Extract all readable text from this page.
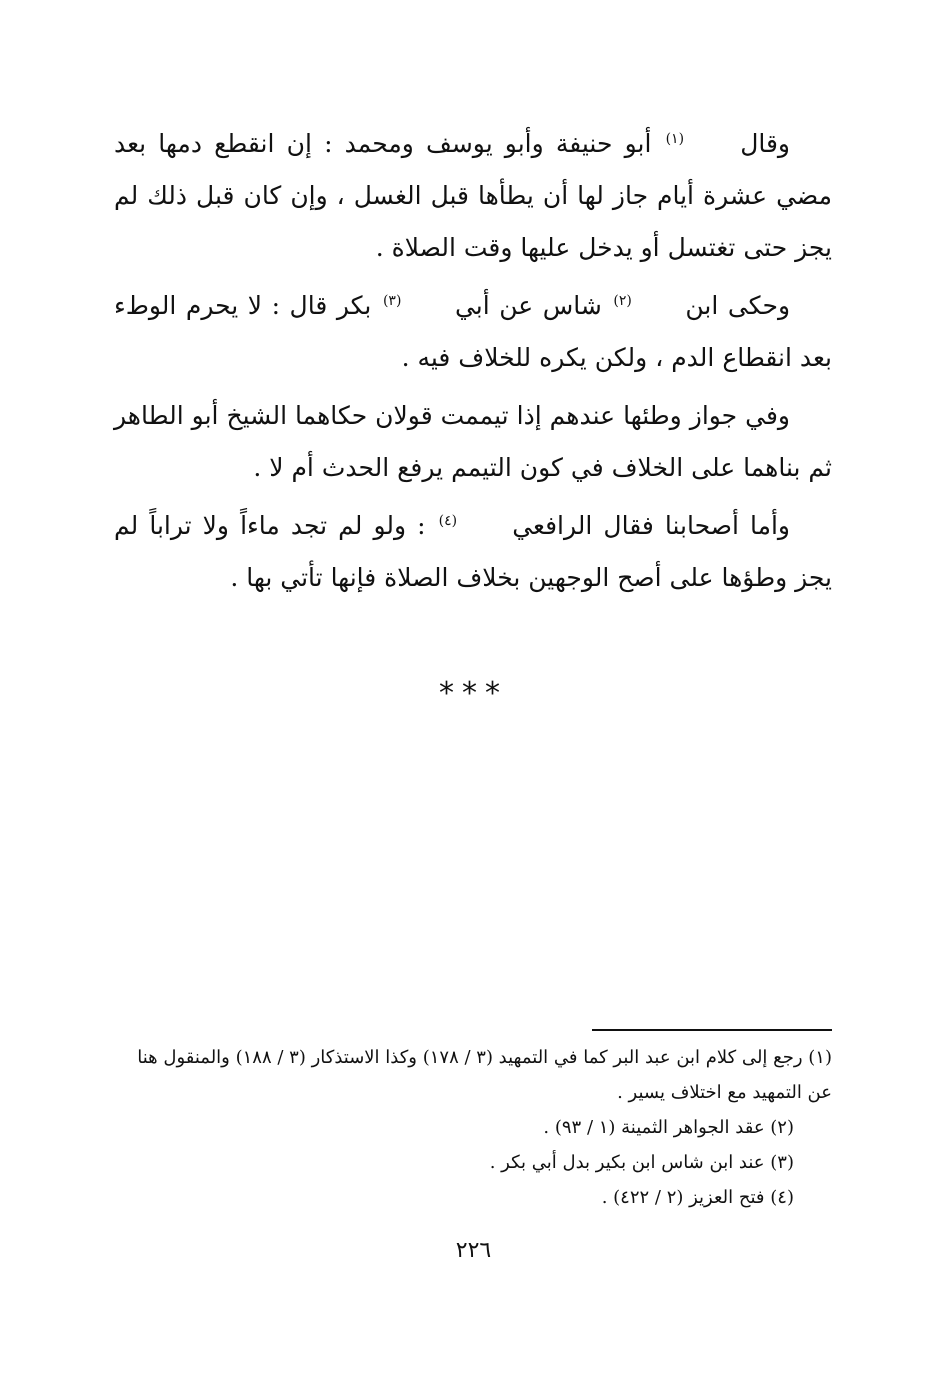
وقال (١) أبو حنيفة وأبو يوسف ومحمد : إن انقطع دمها بعد مضي عشرة أيام جاز لها أن يطأها قبل الغسل ، وإن كان قبل ذلك لم يجز حتى تغتسل أو يدخل عليها وقت الصلاة .

وحكى ابن (٢) شاس عن أبي (٣) بكر قال : لا يحرم الوطء بعد انقطاع الدم ، ولكن يكره للخلاف فيه .

وفي جواز وطئها عندهم إذا تيممت قولان حكاهما الشيخ أبو الطاهر ثم بناهما على الخلاف في كون التيمم يرفع الحدث أم لا .

وأما أصحابنا فقال الرافعي (٤) : ولو لم تجد ماءاً ولا تراباً لم يجز وطؤها على أصح الوجهين بخلاف الصلاة فإنها تأتي بها .

***

(١) رجع إلى كلام ابن عبد البر كما في التمهيد (٣ / ١٧٨) وكذا الاستذكار (٣ / ١٨٨) والمنقول هنا عن التمهيد مع اختلاف يسير .

(٢) عقد الجواهر الثمينة (١ / ٩٣) .

(٣) عند ابن شاس ابن بكير بدل أبي بكر .

(٤) فتح العزيز (٢ / ٤٢٢) .

٢٢٦
